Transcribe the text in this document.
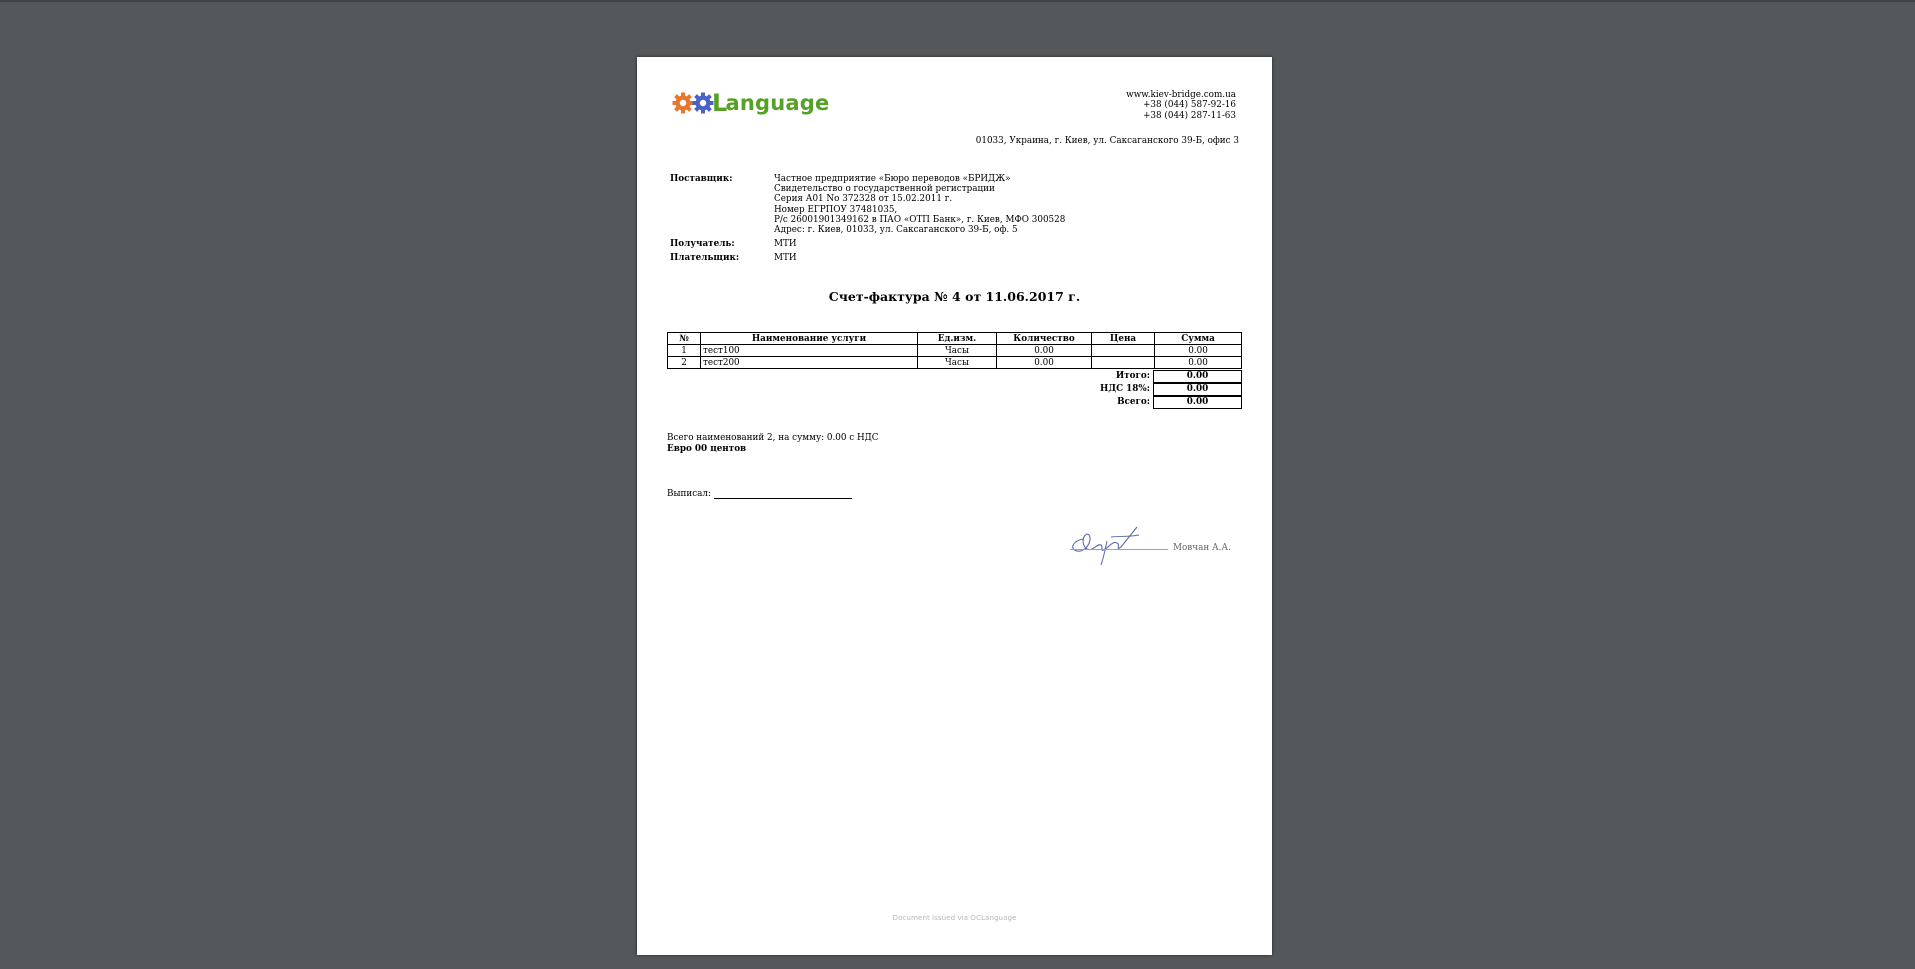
L
anguage	www.kiev-bridge.com.ua
+38 (044) 587-92-16
+38 (044) 287-11-63
01033, Украина, г. Киев, ул. Саксаганского 39-Б, офис 3
Поставщик:	Частное предприятие «Бюро переводов «БРИДЖ»
Свидетельство о государственной регистрации
Серия А01 No 372328 от 15.02.2011 г.
Номер ЕГРПОУ 37481035,
Р/с 26001901349162 в ПАО «ОТП Банк», г. Киев, МФО 300528
Адрес: г. Киев, 01033, ул. Саксаганского 39-Б, оф. 5
Получатель:	МТИ
Плательщик:	МТИ
Счет-фактура № 4 от 11.06.2017 г.
№	Наименование услуги	Ед.изм.	Количество	Цена	Сумма
1	тест100	Часы	0.00		0.00
2	тест200	Часы	0.00		0.00
Итого:	0.00
НДС 18%:	0.00
Всего:	0.00
Всего наименований 2, на сумму: 0.00 с НДС
Евро 00 центов
Выписал:
Мовчан А.А.
Document issued via OCLanguage
